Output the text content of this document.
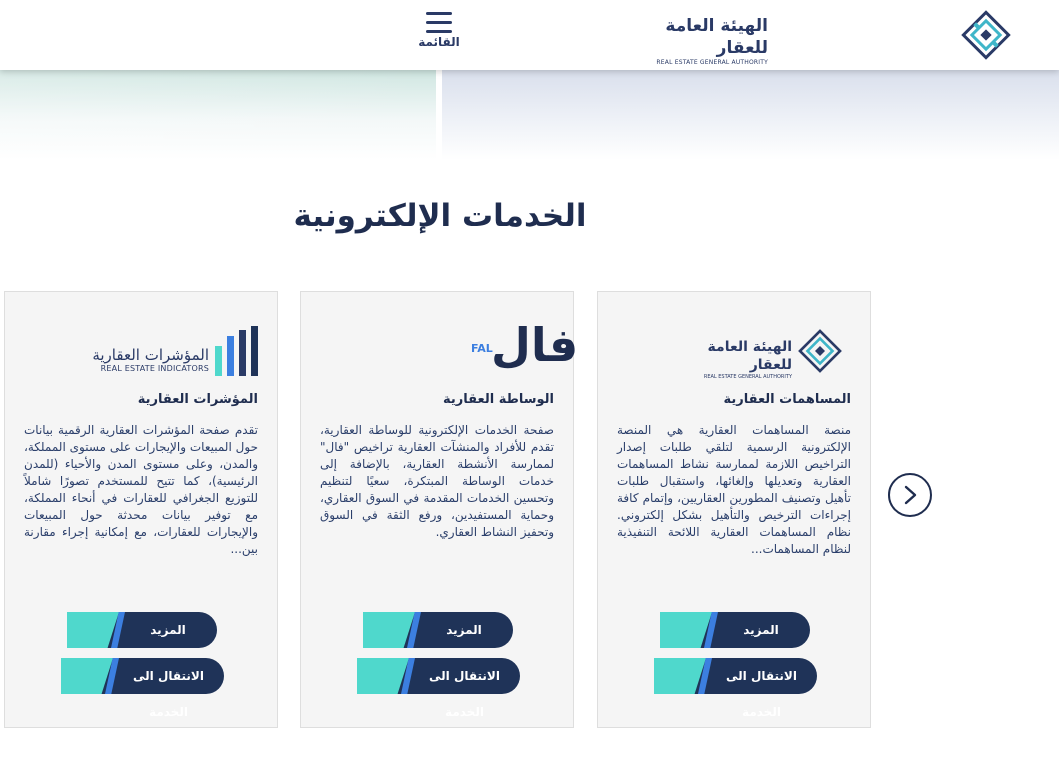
القائمة
الهيئة العامة للعقار
REAL ESTATE GENERAL AUTHORITY
الخدمات الإلكترونية
الهيئة العامة للعقار
REAL ESTATE GENERAL AUTHORITY
المساهمات العقارية
منصة المساهمات العقارية هي المنصة الإلكترونية الرسمية لتلقي طلبات إصدار التراخيص اللازمة لممارسة نشاط المساهمات العقارية وتعديلها وإلغائها، واستقبال طلبات تأهيل وتصنيف المطورين العقاريين، وإتمام كافة إجراءات الترخيص والتأهيل بشكل إلكتروني. نظام المساهمات العقارية اللائحة التنفيذية لنظام المساهمات...
المزيد
الانتقال الى الخدمة
فال
FAL
الوساطة العقارية
صفحة الخدمات الإلكترونية للوساطة العقارية، تقدم للأفراد والمنشآت العقارية تراخيص "فال" لممارسة الأنشطة العقارية، بالإضافة إلى خدمات الوساطة المبتكرة، سعيًا لتنظيم وتحسين الخدمات المقدمة في السوق العقاري، وحماية المستفيدين، ورفع الثقة في السوق وتحفيز النشاط العقاري.
المزيد
الانتقال الى الخدمة
المؤشرات العقارية
REAL ESTATE INDICATORS
المؤشرات العقارية
تقدم صفحة المؤشرات العقارية الرقمية بيانات حول المبيعات والإيجارات على مستوى المملكة، والمدن، وعلى مستوى المدن والأحياء (للمدن الرئيسية)، كما تتيح للمستخدم تصورًا شاملاً للتوزيع الجغرافي للعقارات في أنحاء المملكة، مع توفير بيانات محدثة حول المبيعات والإيجارات للعقارات، مع إمكانية إجراء مقارنة بين...
المزيد
الانتقال الى الخدمة
